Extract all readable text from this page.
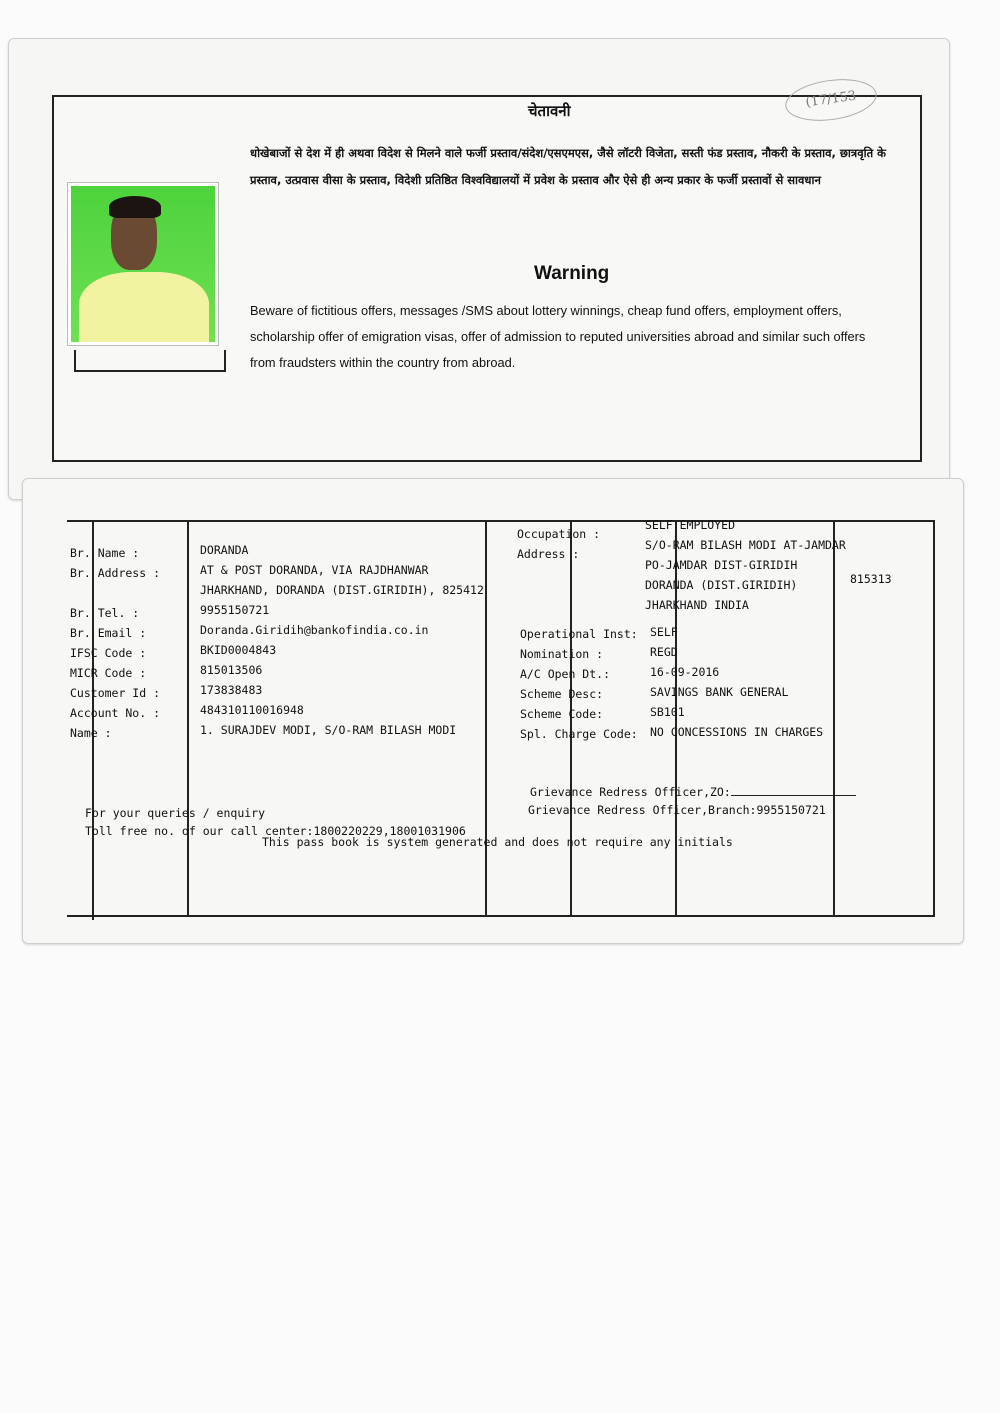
(17/153
चेतावनी
धोखेबाजों से देश में ही अथवा विदेश से मिलने वाले फर्जी प्रस्ताव/संदेश/एसएमएस, जैसे लॉटरी विजेता, सस्ती फंड प्रस्ताव, नौकरी के प्रस्ताव, छात्रवृति के प्रस्ताव, उत्प्रवास वीसा के प्रस्ताव, विदेशी प्रतिष्ठित विश्वविद्यालयों में प्रवेश के प्रस्ताव और ऐसे ही अन्य प्रकार के फर्जी प्रस्तावों से सावधान
Warning
Beware of fictitious offers, messages /SMS about lottery winnings, cheap fund offers, employment offers, scholarship offer of emigration visas, offer of admission to reputed universities abroad and similar such offers from fraudsters within the country from abroad.
Br. Name :
Br. Address :
Br. Tel. :
Br. Email :
IFSC Code :
MICR Code :
Customer Id :
Account No. :
Name :
DORANDA
AT & POST DORANDA, VIA RAJDHANWAR
JHARKHAND, DORANDA (DIST.GIRIDIH), 825412
9955150721
Doranda.Giridih@bankofindia.co.in
BKID0004843
815013506
173838483
484310110016948
1. SURAJDEV MODI, S/O-RAM BILASH MODI
Occupation :
Address :
SELF EMPLOYED
S/O-RAM BILASH MODI AT-JAMDAR
PO-JAMDAR DIST-GIRIDIH
DORANDA (DIST.GIRIDIH)
JHARKHAND INDIA
815313
Operational Inst:
Nomination :
A/C Open Dt.:
Scheme Desc:
Scheme Code:
Spl. Charge Code:
SELF
REGD
16-09-2016
SAVINGS BANK GENERAL
SB101
NO CONCESSIONS IN CHARGES
Grievance Redress Officer,ZO:
Grievance Redress Officer,Branch:9955150721
For your queries / enquiry
Toll free no. of our call center:1800220229,18001031906
This pass book is system generated and does not require any initials
